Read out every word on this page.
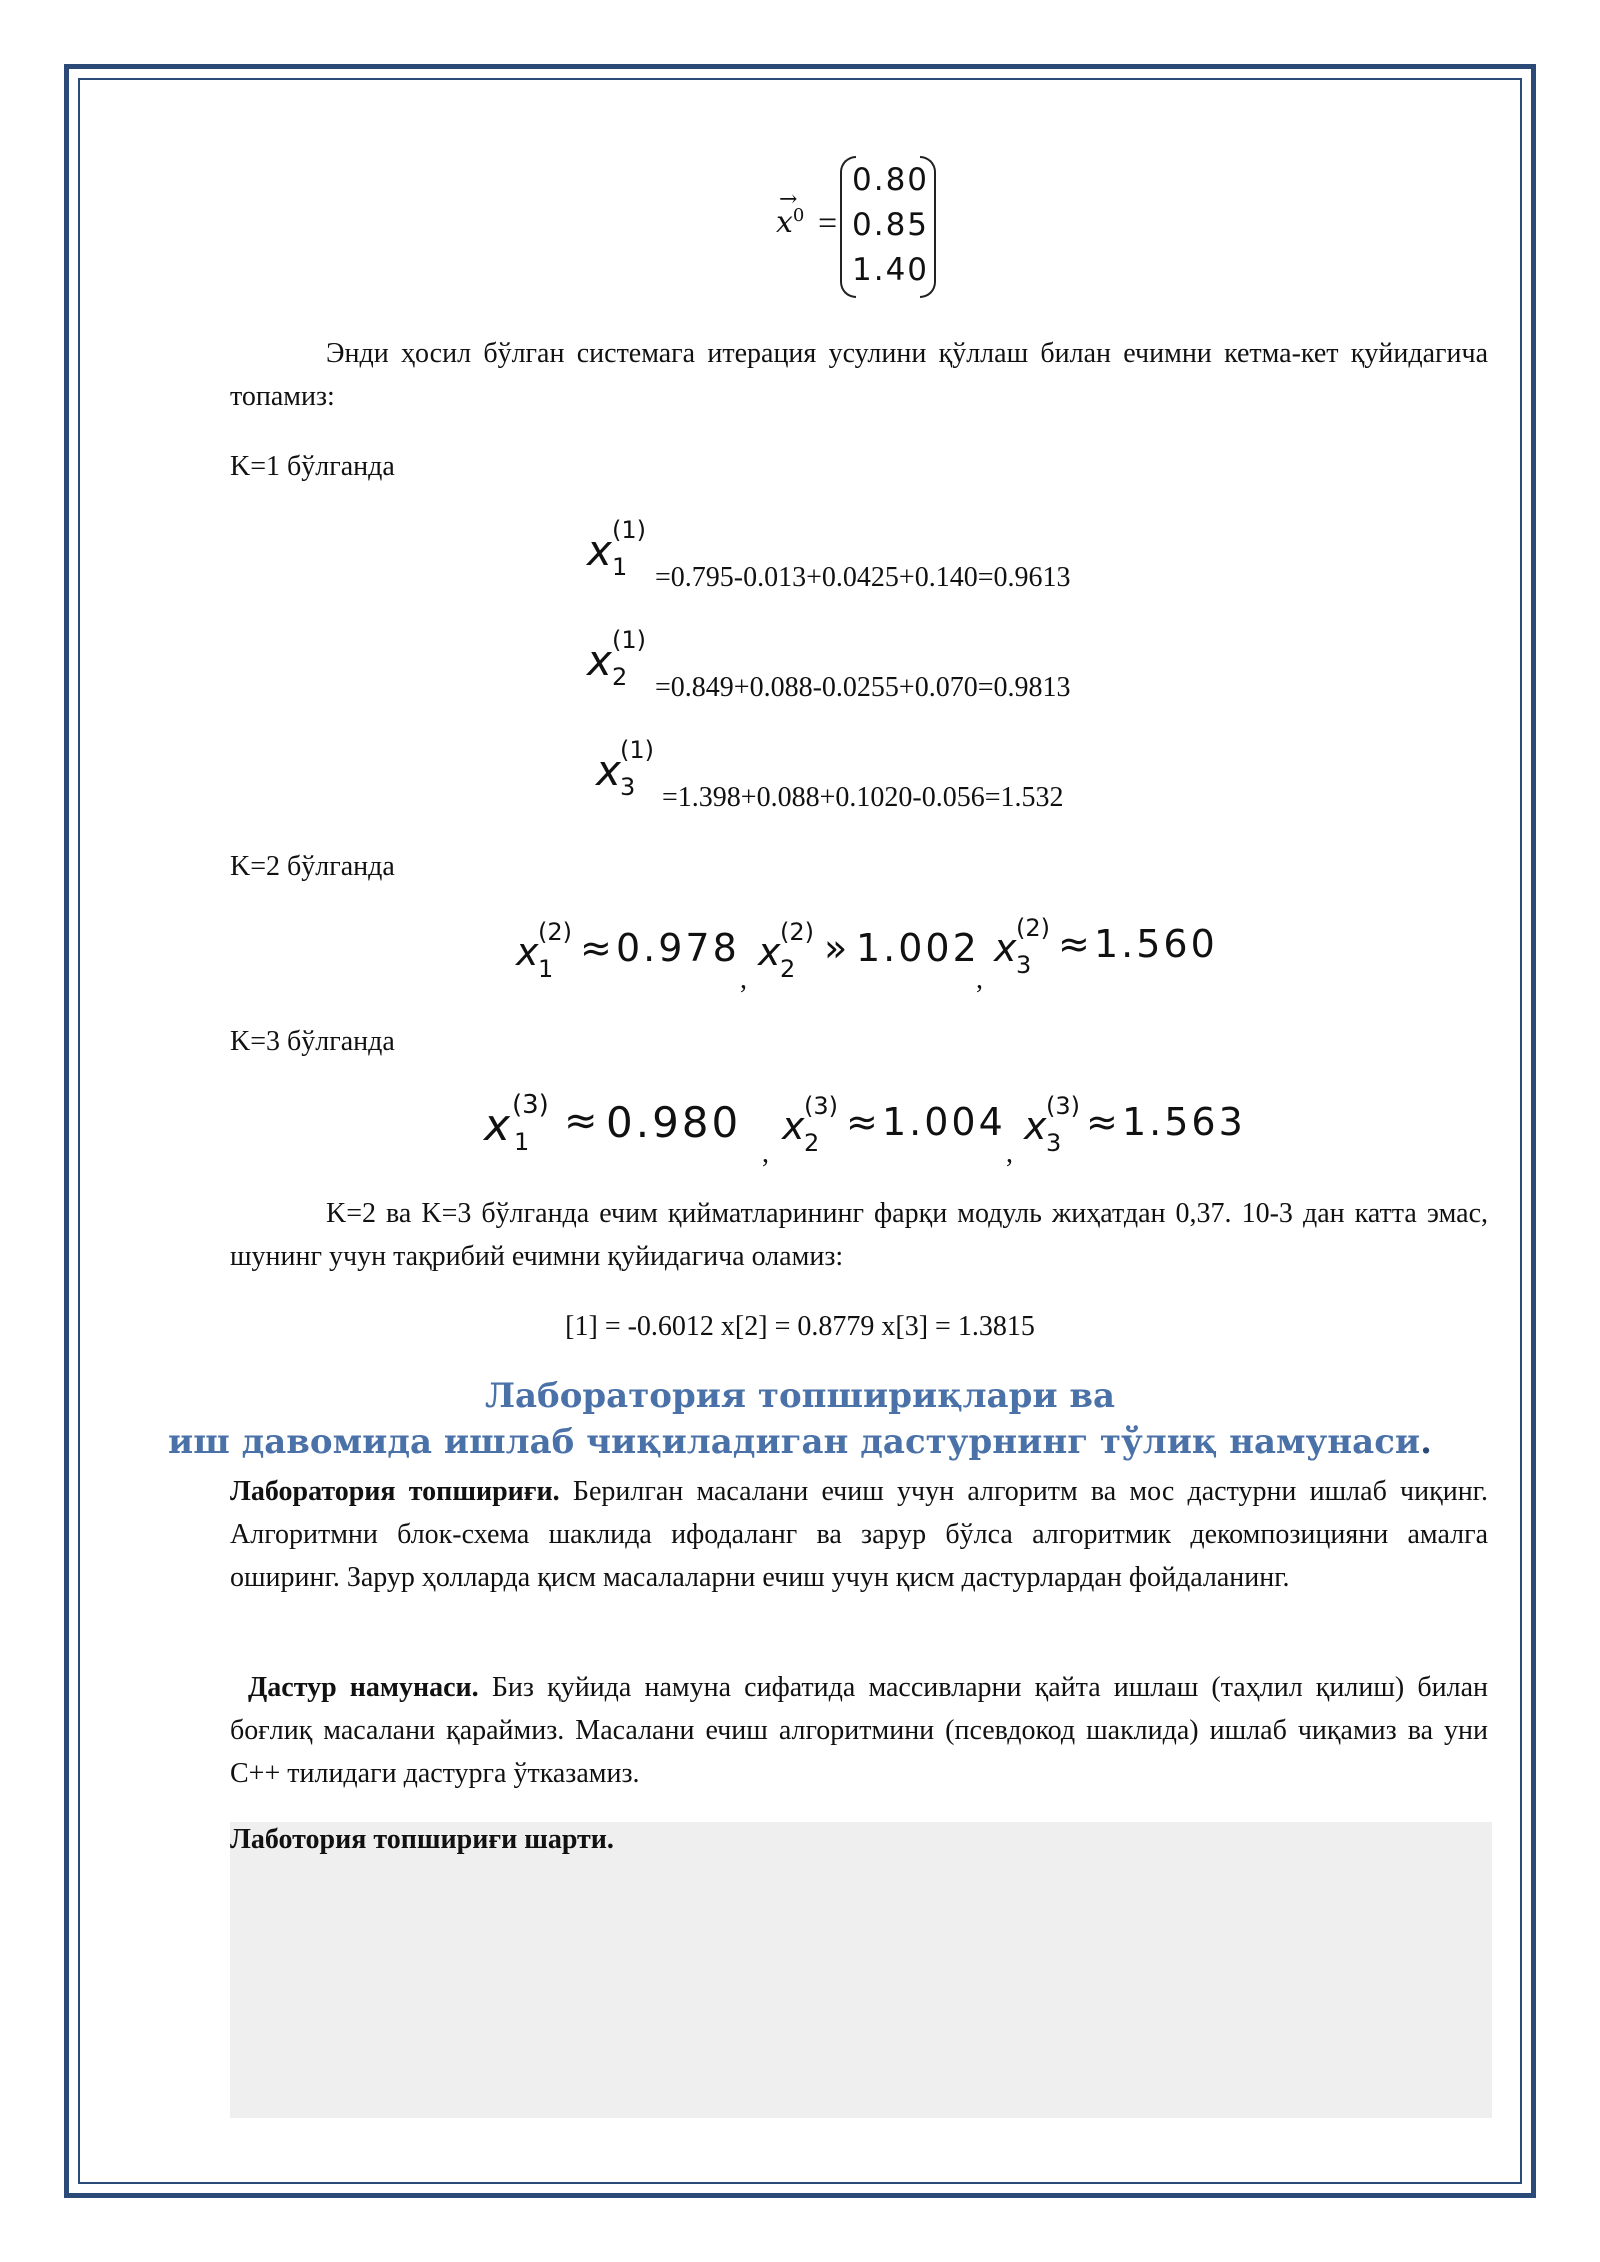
→
$x^0$ =
0.80
0.85
1.40
Энди ҳосил бўлган системага итерация усулини қўллаш билан ечимни кетма-кет қуйидагича топамиз:
K=1 бўлганда
x (1)
1 =0.795-0.013+0.0425+0.140=0.9613
x (1)
2 =0.849+0.088-0.0255+0.070=0.9813
x (1)
3 =1.398+0.088+0.1020-0.056=1.532
K=2 бўлганда
x (2)
1 ≈ 0.978
,
x (2)
2 » 1.002
,
x (2)
3 ≈ 1.560
K=3 бўлганда
x (3)
1 ≈ 0.980
,
x (3)
2 ≈ 1.004
,
x (3)
3 ≈ 1.563
K=2 ва K=3 бўлганда ечим қийматларининг фарқи модуль жиҳатдан 0,37. 10-3 дан катта эмас, шунинг учун тақрибий ечимни қуйидагича оламиз:
[1] = -0.6012 x[2] = 0.8779 x[3] = 1.3815
Лаборатория топшириқлари ва
иш давомида ишлаб чиқиладиган дастурнинг тўлиқ намунаси.
Лаборатория топшириғи. Берилган масалани ечиш учун алгоритм ва мос дастурни ишлаб чиқинг. Алгоритмни блок-схема шаклида ифодаланг ва зарур бўлса алгоритмик декомпозицияни амалга оширинг. Зарур ҳолларда қисм масалаларни ечиш учун қисм дастурлардан фойдаланинг.
Дастур намунаси. Биз қуйида намуна сифатида массивларни қайта ишлаш (таҳлил қилиш) билан боғлиқ масалани қараймиз. Масалани ечиш алгоритмини (псевдокод шаклида) ишлаб чиқамиз ва уни C++ тилидаги дастурга ўтказамиз.
Лаботория топшириғи шарти.
